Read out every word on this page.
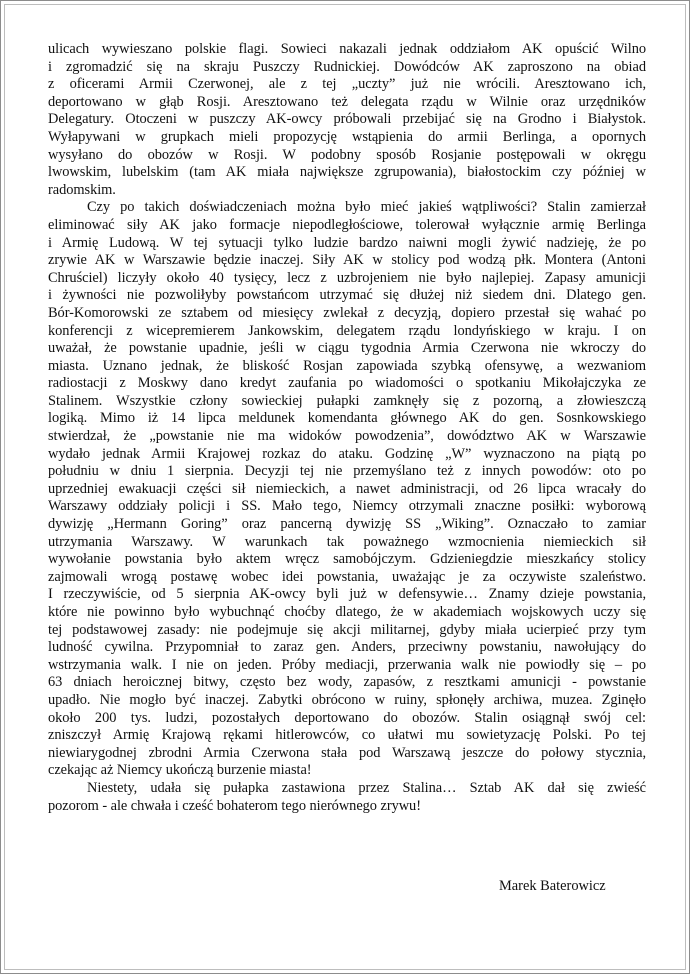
ulicach wywieszano polskie flagi. Sowieci nakazali jednak oddziałom AK opuścić Wilno
i zgromadzić się na skraju Puszczy Rudnickiej. Dowódców AK zaproszono na obiad
z oficerami Armii Czerwonej, ale z tej „uczty” już nie wrócili. Aresztowano ich,
deportowano w głąb Rosji. Aresztowano też delegata rządu w Wilnie oraz urzędników
Delegatury. Otoczeni w puszczy AK-owcy próbowali przebijać się na Grodno i Białystok.
Wyłapywani w grupkach mieli propozycję wstąpienia do armii Berlinga, a opornych
wysyłano do obozów w Rosji. W podobny sposób Rosjanie postępowali w okręgu
lwowskim, lubelskim (tam AK miała największe zgrupowania), białostockim czy później w
radomskim.
Czy po takich doświadczeniach można było mieć jakieś wątpliwości? Stalin zamierzał
eliminować siły AK jako formacje niepodległościowe, tolerował wyłącznie armię Berlinga
i Armię Ludową. W tej sytuacji tylko ludzie bardzo naiwni mogli żywić nadzieję, że po
zrywie AK w Warszawie będzie inaczej. Siły AK w stolicy pod wodzą płk. Montera (Antoni
Chruściel) liczyły około 40 tysięcy, lecz z uzbrojeniem nie było najlepiej. Zapasy amunicji
i żywności nie pozwoliłyby powstańcom utrzymać się dłużej niż siedem dni. Dlatego gen.
Bór-Komorowski ze sztabem od miesięcy zwlekał z decyzją, dopiero przestał się wahać po
konferencji z wicepremierem Jankowskim, delegatem rządu londyńskiego w kraju. I on
uważał, że powstanie upadnie, jeśli w ciągu tygodnia Armia Czerwona nie wkroczy do
miasta. Uznano jednak, że bliskość Rosjan zapowiada szybką ofensywę, a wezwaniom
radiostacji z Moskwy dano kredyt zaufania po wiadomości o spotkaniu Mikołajczyka ze
Stalinem. Wszystkie człony sowieckiej pułapki zamknęły się z pozorną, a złowieszczą
logiką. Mimo iż 14 lipca meldunek komendanta głównego AK do gen. Sosnkowskiego
stwierdzał, że „powstanie nie ma widoków powodzenia”, dowództwo AK w Warszawie
wydało jednak Armii Krajowej rozkaz do ataku. Godzinę „W” wyznaczono na piątą po
południu w dniu 1 sierpnia. Decyzji tej nie przemyślano też z innych powodów: oto po
uprzedniej ewakuacji części sił niemieckich, a nawet administracji, od 26 lipca wracały do
Warszawy oddziały policji i SS. Mało tego, Niemcy otrzymali znaczne posiłki: wyborową
dywizję „Hermann Goring” oraz pancerną dywizję SS „Wiking”. Oznaczało to zamiar
utrzymania Warszawy. W warunkach tak poważnego wzmocnienia niemieckich sił
wywołanie powstania było aktem wręcz samobójczym. Gdzieniegdzie mieszkańcy stolicy
zajmowali wrogą postawę wobec idei powstania, uważając je za oczywiste szaleństwo.
I rzeczywiście, od 5 sierpnia AK-owcy byli już w defensywie… Znamy dzieje powstania,
które nie powinno było wybuchnąć choćby dlatego, że w akademiach wojskowych uczy się
tej podstawowej zasady: nie podejmuje się akcji militarnej, gdyby miała ucierpieć przy tym
ludność cywilna. Przypomniał to zaraz gen. Anders, przeciwny powstaniu, nawołujący do
wstrzymania walk. I nie on jeden. Próby mediacji, przerwania walk nie powiodły się – po
63 dniach heroicznej bitwy, często bez wody, zapasów, z resztkami amunicji - powstanie
upadło. Nie mogło być inaczej. Zabytki obrócono w ruiny, spłonęły archiwa, muzea. Zginęło
około 200 tys. ludzi, pozostałych deportowano do obozów. Stalin osiągnął swój cel:
zniszczył Armię Krajową rękami hitlerowców, co ułatwi mu sowietyzację Polski. Po tej
niewiarygodnej zbrodni Armia Czerwona stała pod Warszawą jeszcze do połowy stycznia,
czekając aż Niemcy ukończą burzenie miasta!
Niestety, udała się pułapka zastawiona przez Stalina… Sztab AK dał się zwieść
pozorom - ale chwała i cześć bohaterom tego nierównego zrywu!
Marek Baterowicz
